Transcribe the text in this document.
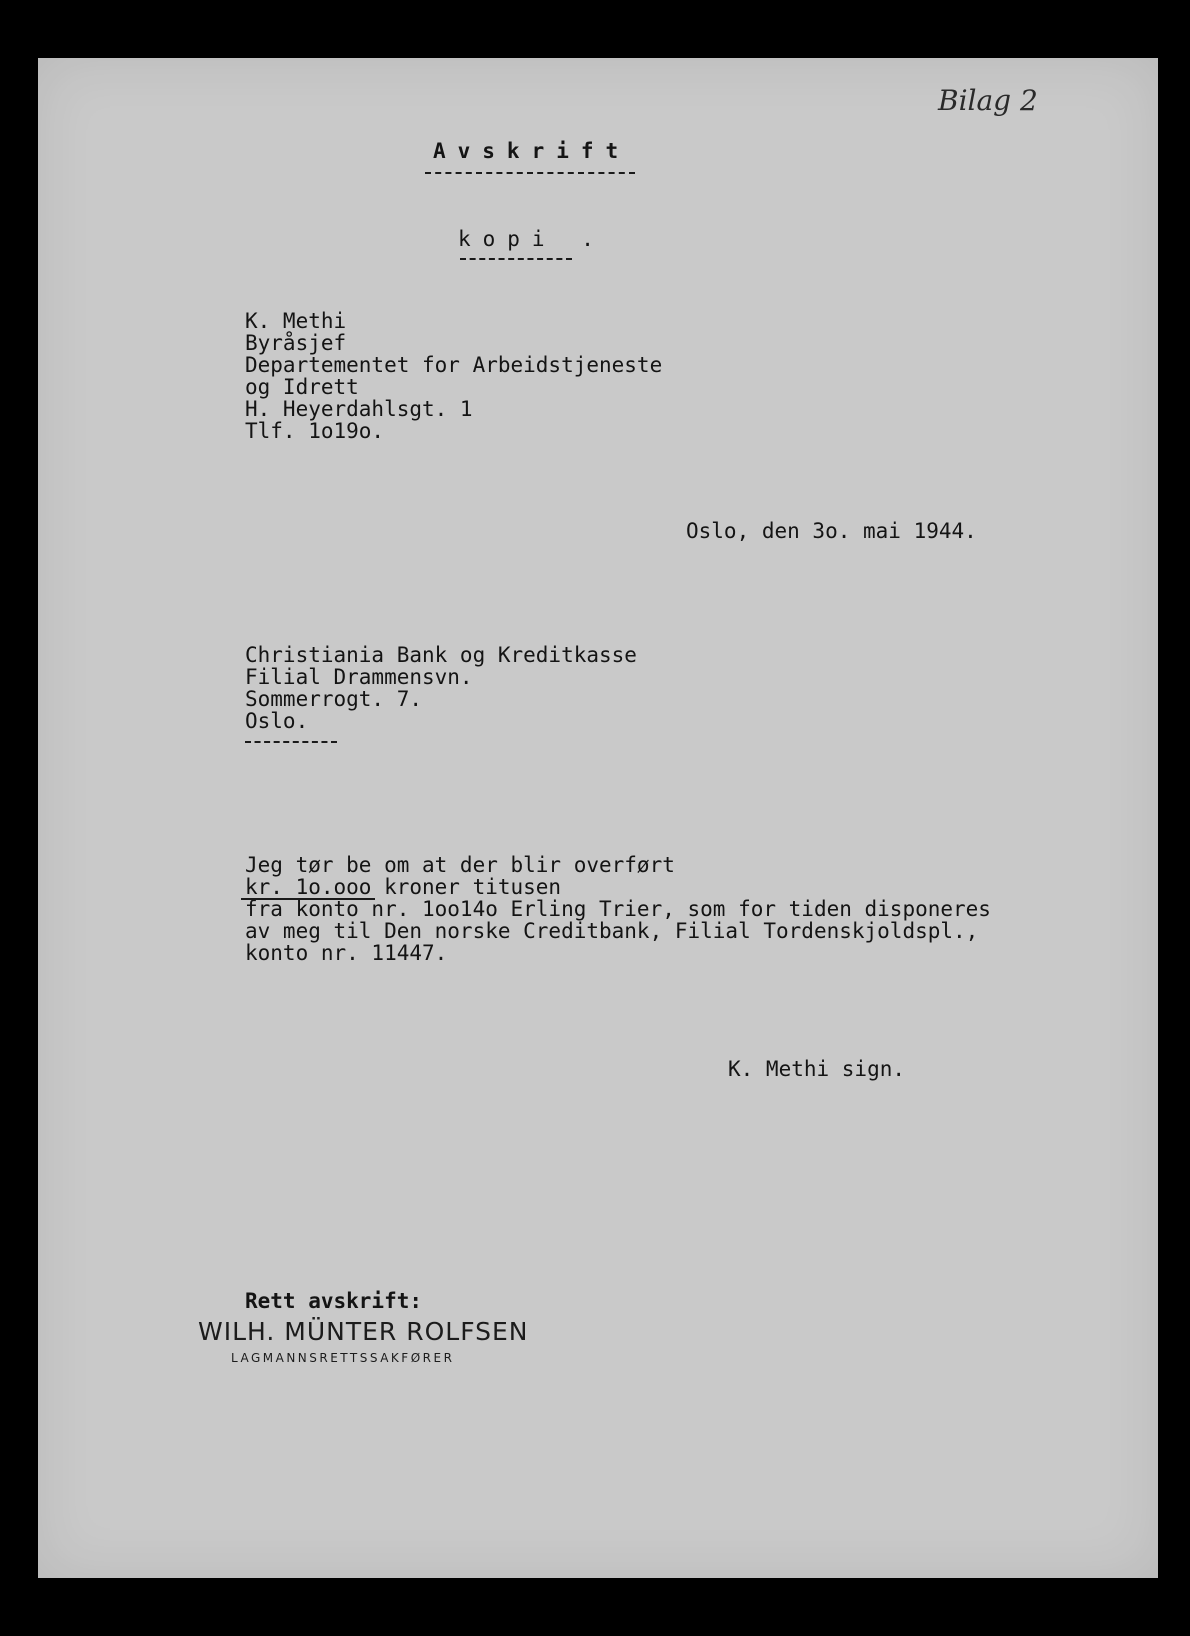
Bilag 2
Avskrift
kopi .
K. Methi
Byråsjef
Departementet for Arbeidstjeneste
og Idrett
H. Heyerdahlsgt. 1
Tlf. 1o19o.
Oslo, den 3o. mai 1944.
Christiania Bank og Kreditkasse
Filial Drammensvn.
Sommerrogt. 7.
Oslo.
Jeg tør be om at der blir overført
kr. 1o.ooo kroner titusen
fra konto nr. 1oo14o Erling Trier, som for tiden disponeres
av meg til Den norske Creditbank, Filial Tordenskjoldspl.,
konto nr. 11447.
K. Methi sign.
Rett avskrift:
WILH. MÜNTER ROLFSEN
LAGMANNSRETTSSAKFØRER
